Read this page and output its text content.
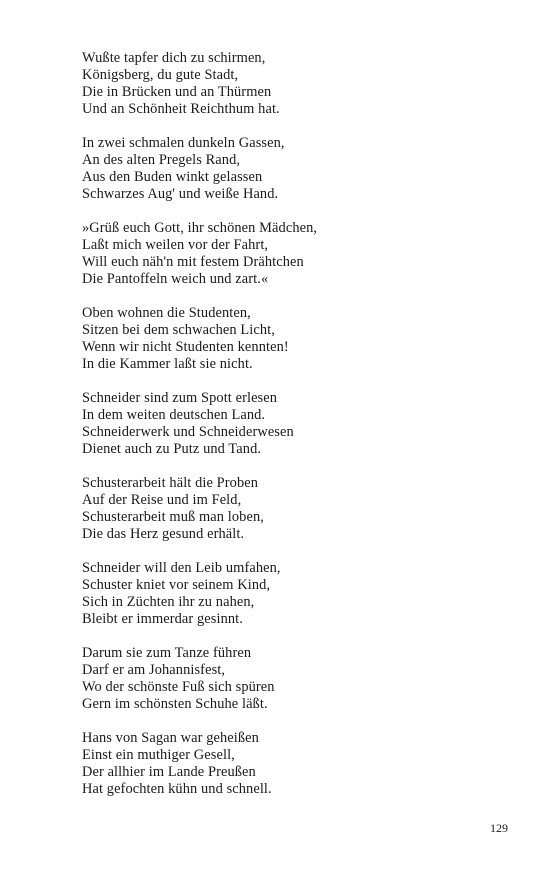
Wußte tapfer dich zu schirmen,
Königsberg, du gute Stadt,
Die in Brücken und an Thürmen
Und an Schönheit Reichthum hat.
In zwei schmalen dunkeln Gassen,
An des alten Pregels Rand,
Aus den Buden winkt gelassen
Schwarzes Aug' und weiße Hand.
»Grüß euch Gott, ihr schönen Mädchen,
Laßt mich weilen vor der Fahrt,
Will euch näh'n mit festem Drähtchen
Die Pantoffeln weich und zart.«
Oben wohnen die Studenten,
Sitzen bei dem schwachen Licht,
Wenn wir nicht Studenten kennten!
In die Kammer laßt sie nicht.
Schneider sind zum Spott erlesen
In dem weiten deutschen Land.
Schneiderwerk und Schneiderwesen
Dienet auch zu Putz und Tand.
Schusterarbeit hält die Proben
Auf der Reise und im Feld,
Schusterarbeit muß man loben,
Die das Herz gesund erhält.
Schneider will den Leib umfahen,
Schuster kniet vor seinem Kind,
Sich in Züchten ihr zu nahen,
Bleibt er immerdar gesinnt.
Darum sie zum Tanze führen
Darf er am Johannisfest,
Wo der schönste Fuß sich spüren
Gern im schönsten Schuhe läßt.
Hans von Sagan war geheißen
Einst ein muthiger Gesell,
Der allhier im Lande Preußen
Hat gefochten kühn und schnell.
129
